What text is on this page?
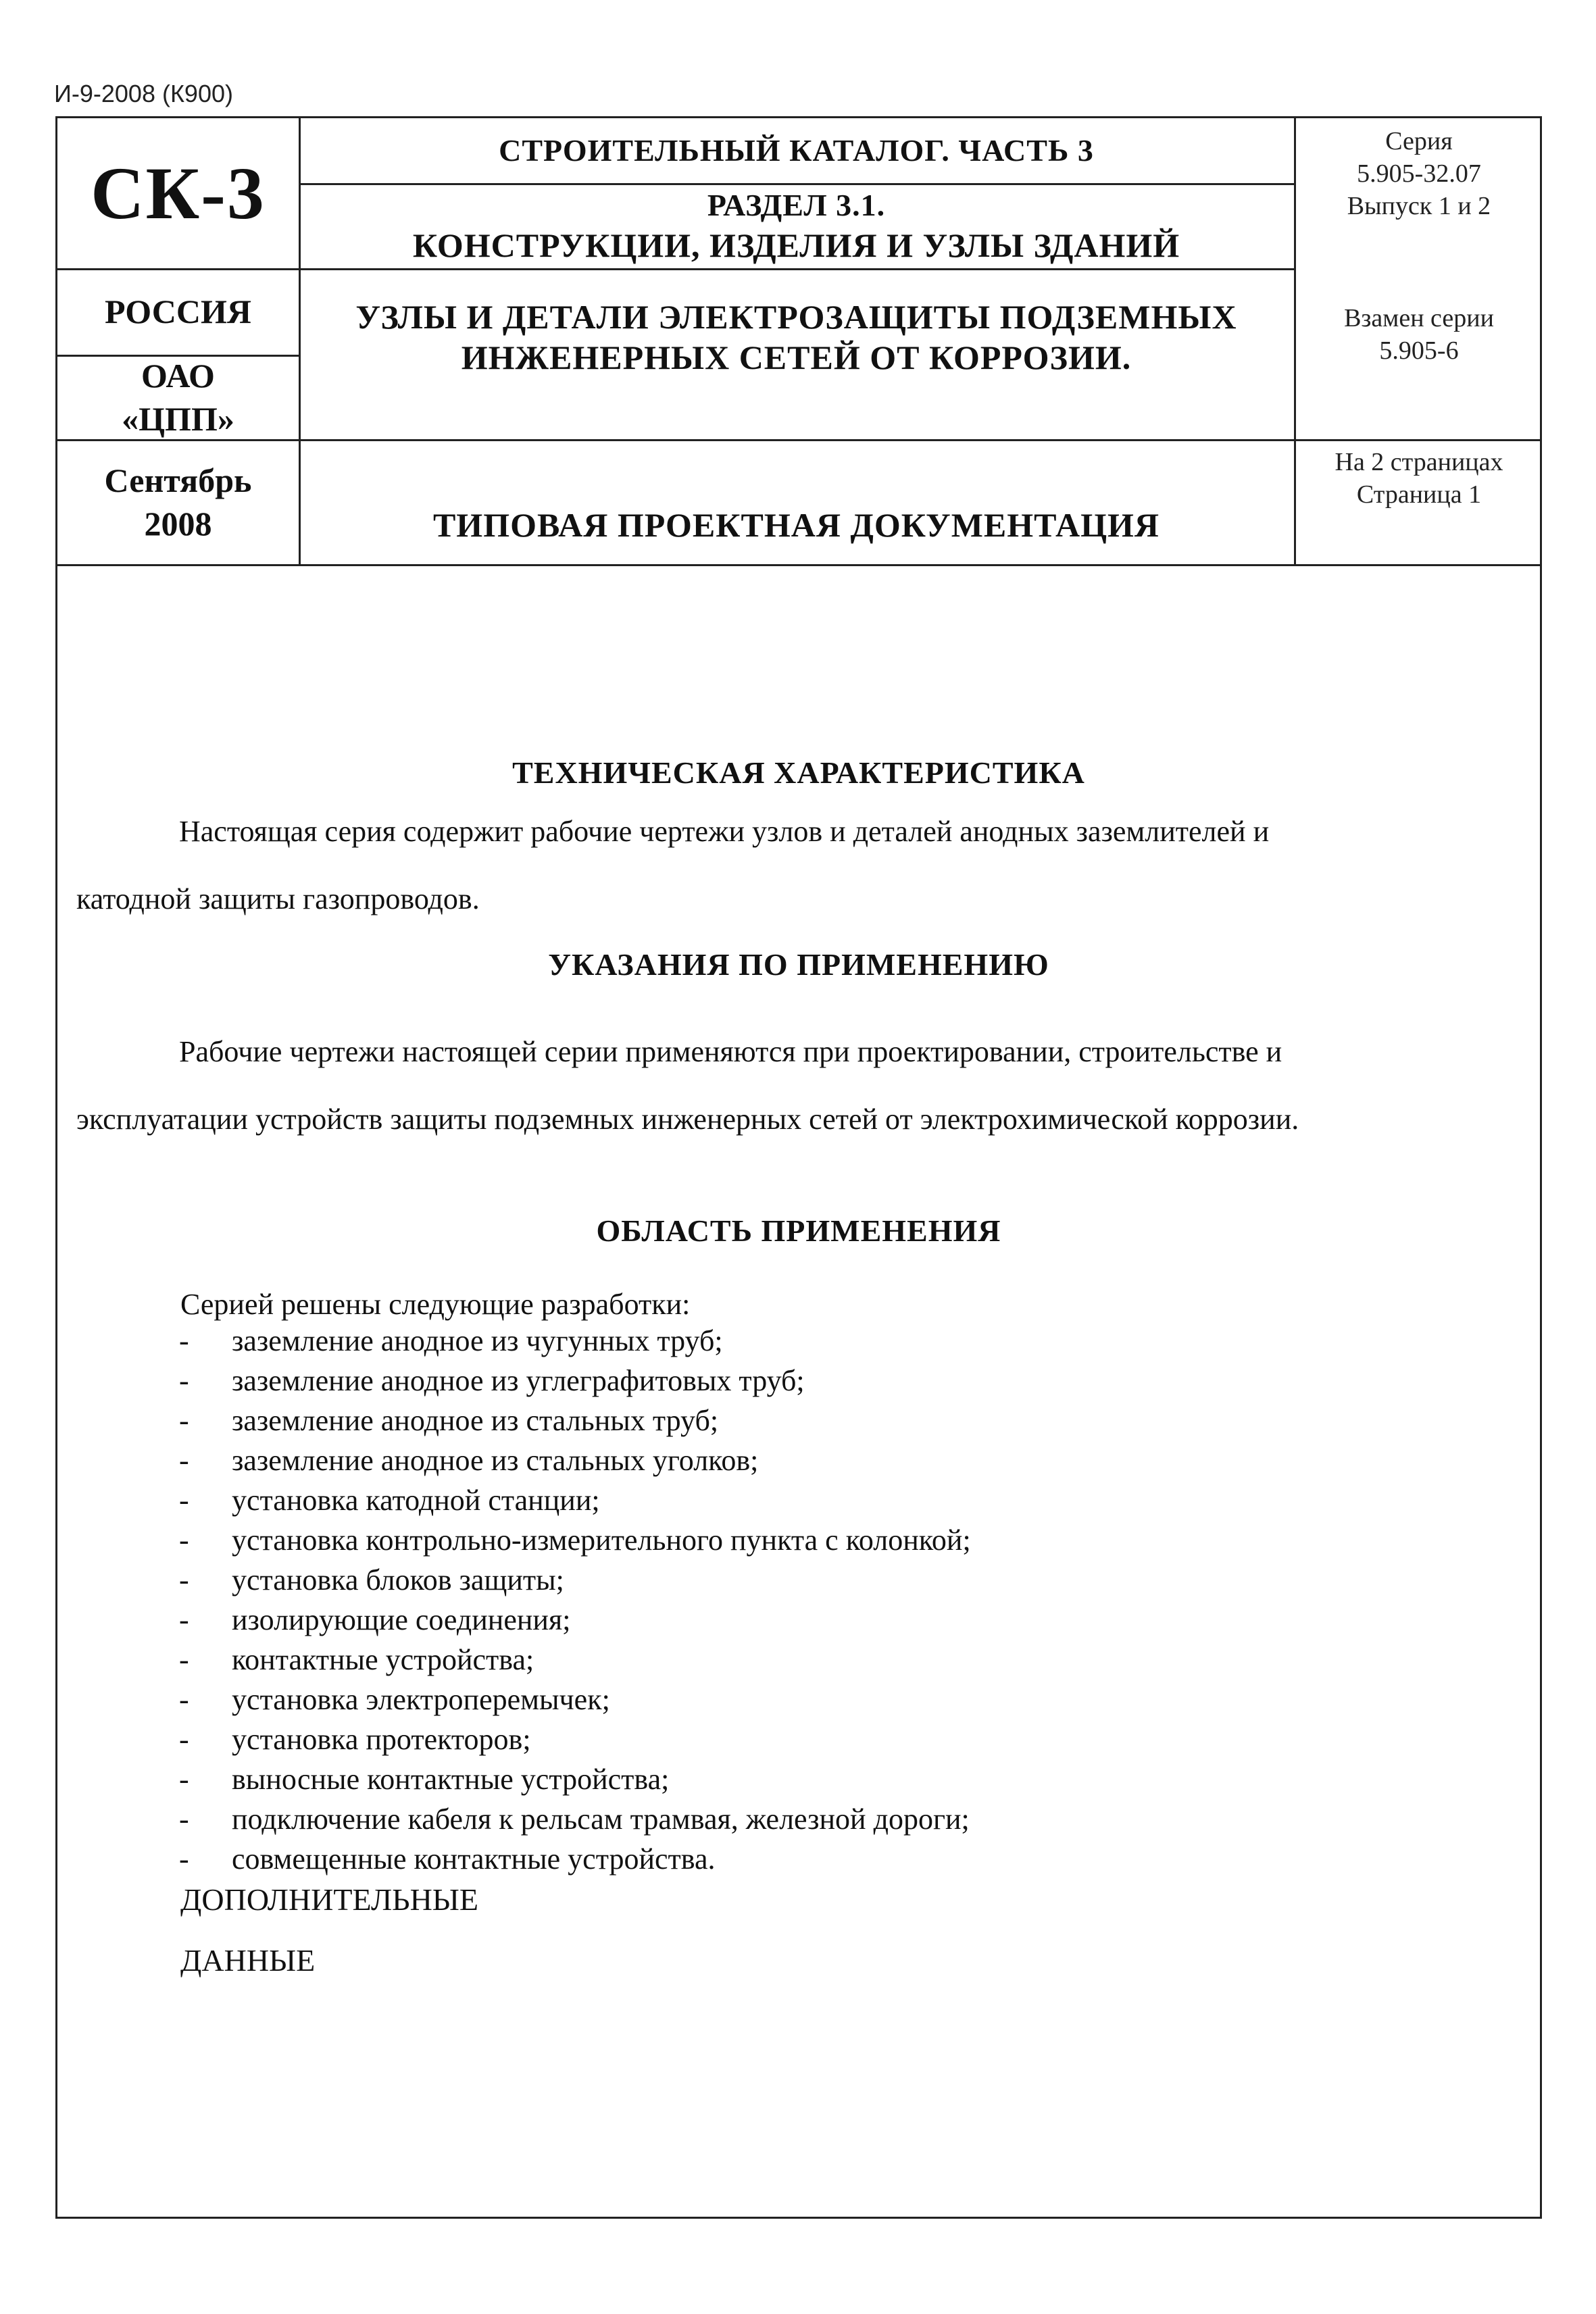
И-9-2008 (К900)
СК-3
РОССИЯ
ОАО
«ЦПП»
Сентябрь
2008
СТРОИТЕЛЬНЫЙ КАТАЛОГ. ЧАСТЬ 3
РАЗДЕЛ 3.1.
КОНСТРУКЦИИ, ИЗДЕЛИЯ И УЗЛЫ ЗДАНИЙ
УЗЛЫ И ДЕТАЛИ ЭЛЕКТРОЗАЩИТЫ ПОДЗЕМНЫХ
ИНЖЕНЕРНЫХ СЕТЕЙ ОТ КОРРОЗИИ.
ТИПОВАЯ ПРОЕКТНАЯ ДОКУМЕНТАЦИЯ
Серия
5.905-32.07
Выпуск 1 и 2
Взамен серии
5.905-6
На 2 страницах
Страница 1
ТЕХНИЧЕСКАЯ ХАРАКТЕРИСТИКА
Настоящая серия содержит рабочие чертежи узлов и деталей анодных заземлителей и
катодной защиты газопроводов.
УКАЗАНИЯ ПО ПРИМЕНЕНИЮ
Рабочие чертежи настоящей серии применяются при проектировании, строительстве и
эксплуатации устройств защиты подземных инженерных сетей от электрохимической коррозии.
ОБЛАСТЬ ПРИМЕНЕНИЯ
Серией решены следующие разработки:
- заземление анодное из чугунных труб;
- заземление анодное из углеграфитовых труб;
- заземление анодное из стальных труб;
- заземление анодное из стальных уголков;
- установка катодной станции;
- установка контрольно-измерительного пункта с колонкой;
- установка блоков защиты;
- изолирующие соединения;
- контактные устройства;
- установка электроперемычек;
- установка протекторов;
- выносные контактные устройства;
- подключение кабеля к рельсам трамвая, железной дороги;
- совмещенные контактные устройства.
ДОПОЛНИТЕЛЬНЫЕ
ДАННЫЕ
